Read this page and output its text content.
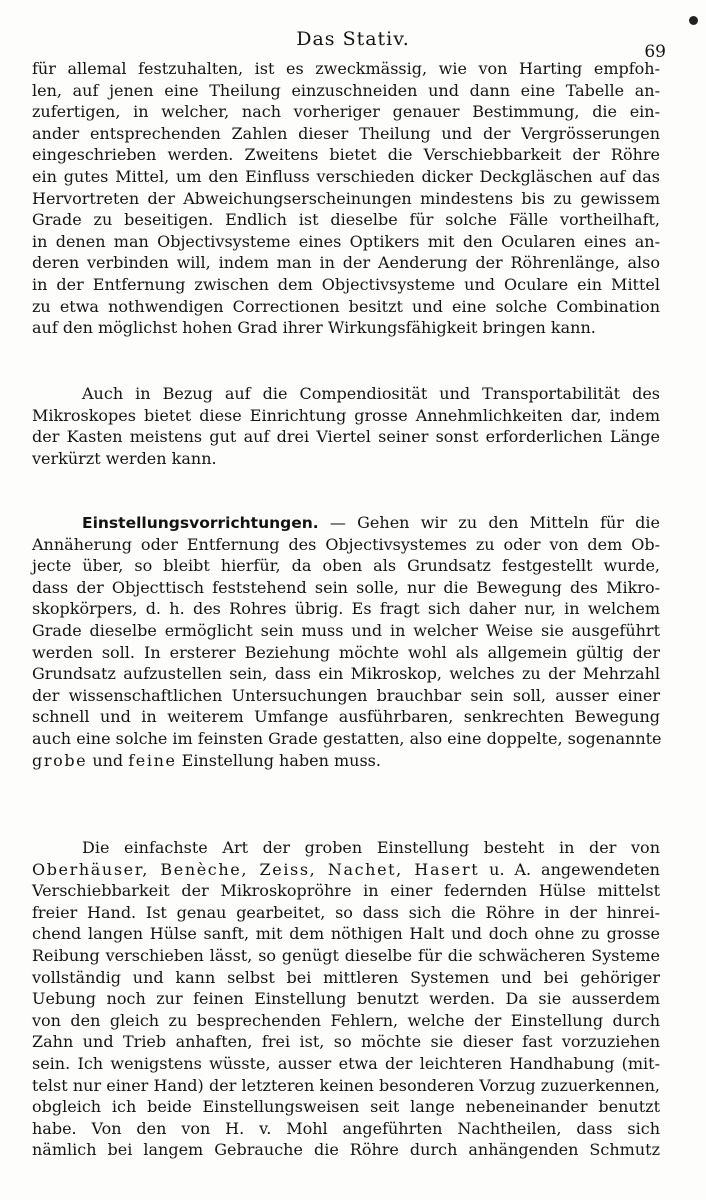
Das Stativ.
69
für allemal festzuhalten, ist es zweckmässig, wie von Harting empfoh-
len, auf jenen eine Theilung einzuschneiden und dann eine Tabelle an-
zufertigen, in welcher, nach vorheriger genauer Bestimmung, die ein-
ander entsprechenden Zahlen dieser Theilung und der Vergrösserungen
eingeschrieben werden. Zweitens bietet die Verschiebbarkeit der Röhre
ein gutes Mittel, um den Einfluss verschieden dicker Deckgläschen auf das
Hervortreten der Abweichungserscheinungen mindestens bis zu gewissem
Grade zu beseitigen. Endlich ist dieselbe für solche Fälle vortheilhaft,
in denen man Objectivsysteme eines Optikers mit den Ocularen eines an-
deren verbinden will, indem man in der Aenderung der Röhrenlänge, also
in der Entfernung zwischen dem Objectivsysteme und Oculare ein Mittel
zu etwa nothwendigen Correctionen besitzt und eine solche Combination
auf den möglichst hohen Grad ihrer Wirkungsfähigkeit bringen kann.
Auch in Bezug auf die Compendiosität und Transportabilität des
Mikroskopes bietet diese Einrichtung grosse Annehmlichkeiten dar, indem
der Kasten meistens gut auf drei Viertel seiner sonst erforderlichen Länge
verkürzt werden kann.
Einstellungsvorrichtungen. — Gehen wir zu den Mitteln für die
Annäherung oder Entfernung des Objectivsystemes zu oder von dem Ob-
jecte über, so bleibt hierfür, da oben als Grundsatz festgestellt wurde,
dass der Objecttisch feststehend sein solle, nur die Bewegung des Mikro-
skopkörpers, d. h. des Rohres übrig. Es fragt sich daher nur, in welchem
Grade dieselbe ermöglicht sein muss und in welcher Weise sie ausgeführt
werden soll. In ersterer Beziehung möchte wohl als allgemein gültig der
Grundsatz aufzustellen sein, dass ein Mikroskop, welches zu der Mehrzahl
der wissenschaftlichen Untersuchungen brauchbar sein soll, ausser einer
schnell und in weiterem Umfange ausführbaren, senkrechten Bewegung
auch eine solche im feinsten Grade gestatten, also eine doppelte, sogenannte
grobe und feine Einstellung haben muss.
Die einfachste Art der groben Einstellung besteht in der von
Oberhäuser, Benèche, Zeiss, Nachet, Hasert u. A. angewendeten
Verschiebbarkeit der Mikroskopröhre in einer federnden Hülse mittelst
freier Hand. Ist genau gearbeitet, so dass sich die Röhre in der hinrei-
chend langen Hülse sanft, mit dem nöthigen Halt und doch ohne zu grosse
Reibung verschieben lässt, so genügt dieselbe für die schwächeren Systeme
vollständig und kann selbst bei mittleren Systemen und bei gehöriger
Uebung noch zur feinen Einstellung benutzt werden. Da sie ausserdem
von den gleich zu besprechenden Fehlern, welche der Einstellung durch
Zahn und Trieb anhaften, frei ist, so möchte sie dieser fast vorzuziehen
sein. Ich wenigstens wüsste, ausser etwa der leichteren Handhabung (mit-
telst nur einer Hand) der letzteren keinen besonderen Vorzug zuzuerkennen,
obgleich ich beide Einstellungsweisen seit lange nebeneinander benutzt
habe. Von den von H. v. Mohl angeführten Nachtheilen, dass sich
nämlich bei langem Gebrauche die Röhre durch anhängenden Schmutz
